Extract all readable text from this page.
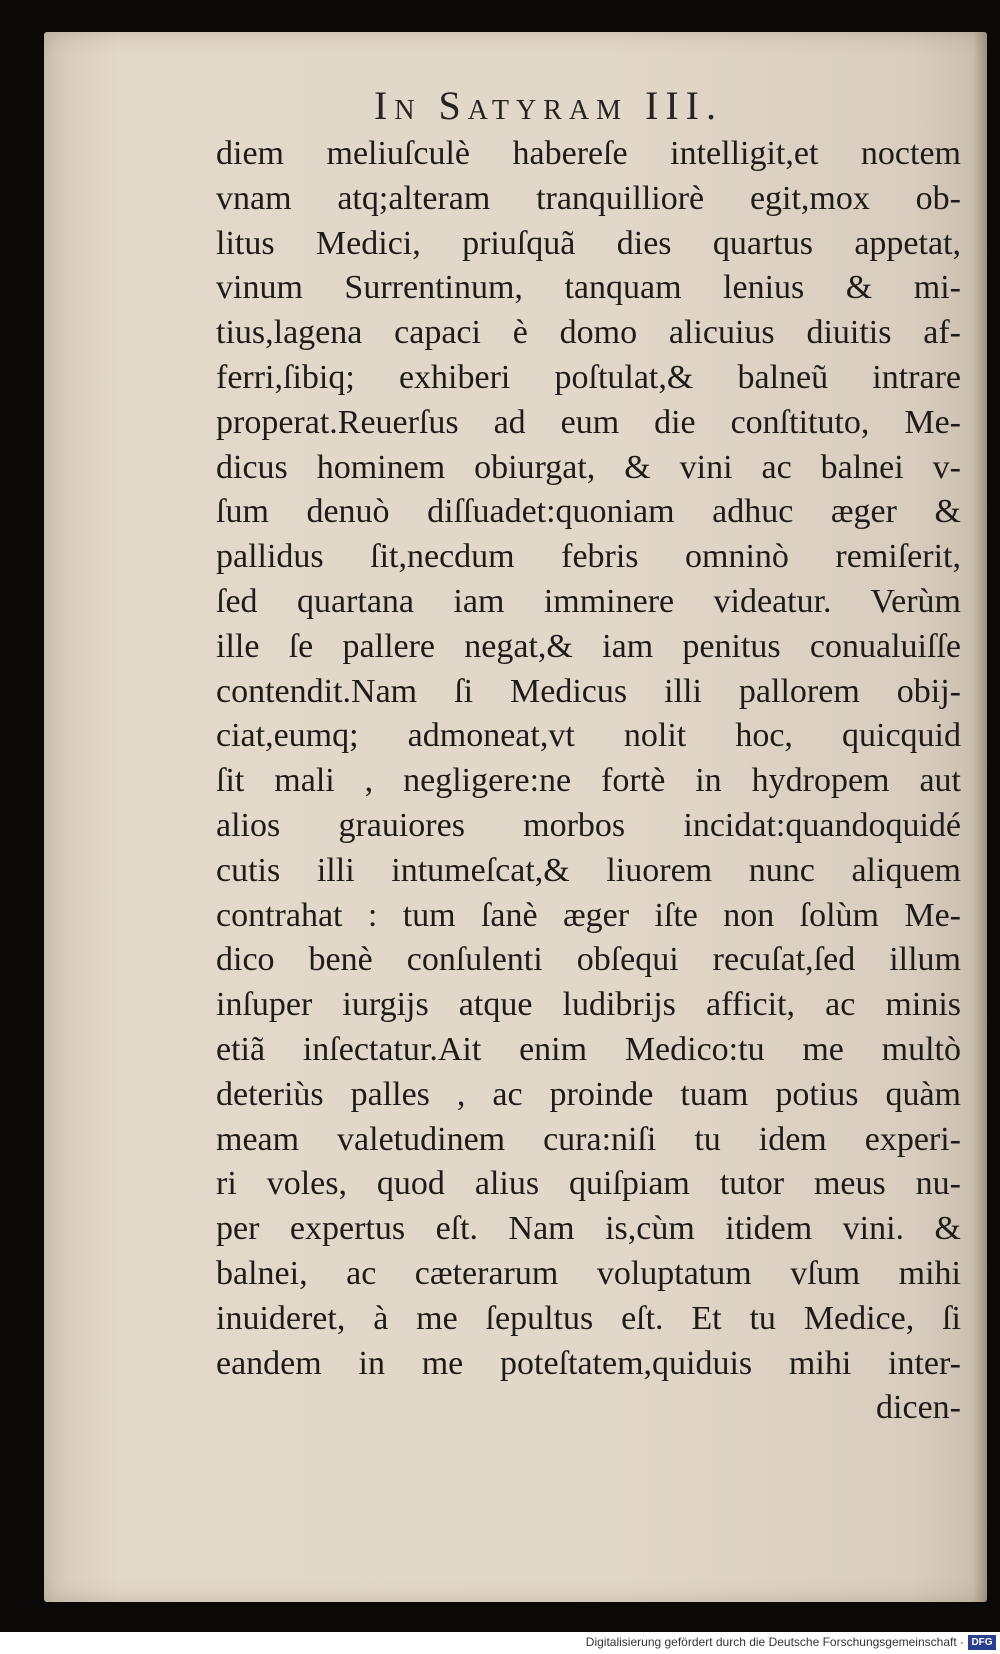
In Satyram III.
diem meliuſculè habereſe intelligit,et noctem
vnam atq;alteram tranquilliorè egit,mox ob-
litus Medici, priuſquã dies quartus appetat,
vinum Surrentinum, tanquam lenius & mi-
tius,lagena capaci è domo alicuius diuitis af-
ferri,ſibiq; exhiberi poſtulat,& balneũ intrare
properat.Reuerſus ad eum die conſtituto, Me-
dicus hominem obiurgat, & vini ac balnei v-
ſum denuò diſſuadet:quoniam adhuc æger &
pallidus ſit,necdum febris omninò remiſerit,
ſed quartana iam imminere videatur. Verùm
ille ſe pallere negat,& iam penitus conualuiſſe
contendit.Nam ſi Medicus illi pallorem obij-
ciat,eumq; admoneat,vt nolit hoc, quicquid
ſit mali , negligere:ne fortè in hydropem aut
alios grauiores morbos incidat:quandoquidé
cutis illi intumeſcat,& liuorem nunc aliquem
contrahat : tum ſanè æger iſte non ſolùm Me-
dico benè conſulenti obſequi recuſat,ſed illum
inſuper iurgijs atque ludibrijs afficit, ac minis
etiã inſectatur.Ait enim Medico:tu me multò
deteriùs palles , ac proinde tuam potius quàm
meam valetudinem cura:niſi tu idem experi-
ri voles, quod alius quiſpiam tutor meus nu-
per expertus eſt. Nam is,cùm itidem vini. &
balnei, ac cæterarum voluptatum vſum mihi
inuideret, à me ſepultus eſt. Et tu Medice, ſi
eandem in me poteſtatem,quiduis mihi inter-
dicen-
Digitalisierung gefördert durch die Deutsche Forschungsgemeinschaft · DFG
